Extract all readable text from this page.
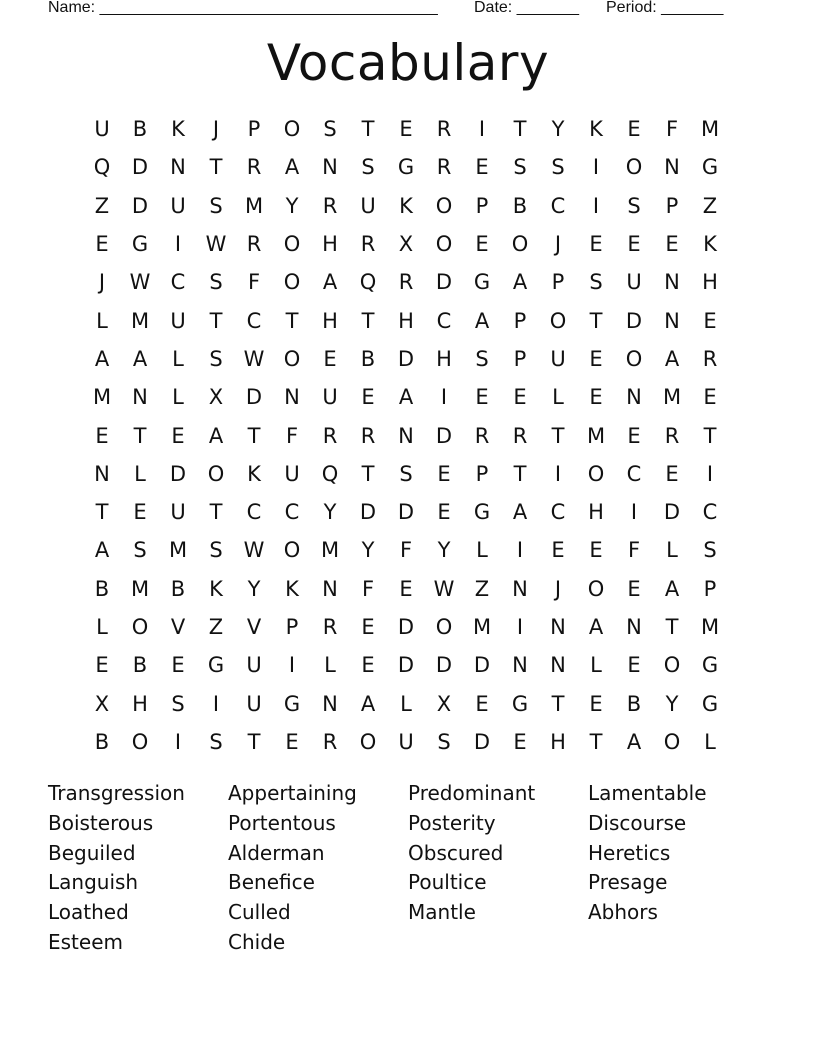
Name: ______________________________________

Date: _______

Period: _______

Vocabulary
U	B	K	J	P	O	S	T	E	R	I	T	Y	K	E	F	M
Q	D	N	T	R	A	N	S	G	R	E	S	S	I	O	N	G
Z	D	U	S	M	Y	R	U	K	O	P	B	C	I	S	P	Z
E	G	I	W R	O	H	R	X	O	E	O	J	E	E	E	K
J	W C	S	F	O	A	Q	R	D	G	A	P	S	U	N	H
L	M	U	T	C	T	H	T	H	C	A	P	O	T	D	N	E
A	A	L	S W O	E	B	D	H	S	P	U	E	O	A	R
M	N	L	X	D	N	U	E	A	I	E	E	L	E	N	M	E
E	T	E	A	T	F	R	R	N	D	R	R	T	M	E	R	T
N	L	D	O	K	U	Q	T	S	E	P	T	I	O	C	E	I
T	E	U	T	C	C	Y	D	D	E	G	A	C	H	I	D	C
A	S	M	S W O M	Y	F	Y	L	I	E	E	F	L	S
B	M	B	K	Y	K	N	F	E W Z	N	J	O	E	A	P
L	O	V	Z	V	P	R	E	D	O M	I	N	A	N	T	M
E	B	E	G	U	I	L	E	D	D	D	N	N	L	E	O	G
X	H	S	I	U	G	N	A	L	X	E	G	T	E	B	Y	G
B	O	I	S	T	E	R	O	U	S	D	E	H	T	A	O	L
Transgression
Boisterous
Beguiled
Languish
Loathed
Esteem
Appertaining
Portentous
Alderman
Benefice
Culled
Chide
Predominant
Posterity
Obscured
Poultice
Mantle
Lamentable
Discourse
Heretics
Presage
Abhors
